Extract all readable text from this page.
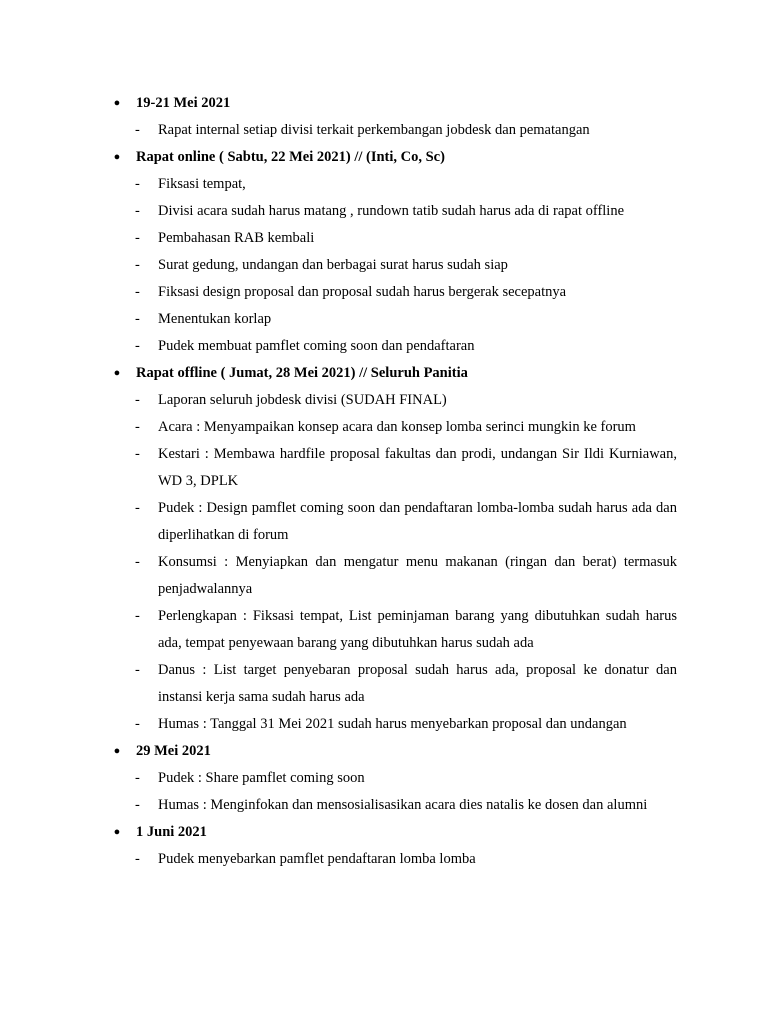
● 19-21 Mei 2021
- Rapat internal setiap divisi terkait perkembangan jobdesk dan pematangan
● Rapat online ( Sabtu, 22 Mei 2021) // (Inti, Co, Sc)
- Fiksasi tempat,
- Divisi acara sudah harus matang , rundown tatib sudah harus ada di rapat offline
- Pembahasan RAB kembali
- Surat gedung, undangan dan berbagai surat harus sudah siap
- Fiksasi design proposal dan proposal sudah harus bergerak secepatnya
- Menentukan korlap
- Pudek membuat pamflet coming soon dan pendaftaran
● Rapat offline ( Jumat, 28 Mei 2021) // Seluruh Panitia
- Laporan seluruh jobdesk divisi (SUDAH FINAL)
- Acara : Menyampaikan konsep acara dan konsep lomba serinci mungkin ke forum
- Kestari : Membawa hardfile proposal fakultas dan prodi, undangan Sir Ildi Kurniawan, WD 3, DPLK
- Pudek : Design pamflet coming soon dan pendaftaran lomba-lomba sudah harus ada dan diperlihatkan di forum
- Konsumsi : Menyiapkan dan mengatur menu makanan (ringan dan berat) termasuk penjadwalannya
- Perlengkapan : Fiksasi tempat, List peminjaman barang yang dibutuhkan sudah harus ada, tempat penyewaan barang yang dibutuhkan harus sudah ada
- Danus : List target penyebaran proposal sudah harus ada, proposal ke donatur dan instansi kerja sama sudah harus ada
- Humas : Tanggal 31 Mei 2021 sudah harus menyebarkan proposal dan undangan
● 29 Mei 2021
- Pudek : Share pamflet coming soon
- Humas : Menginfokan dan mensosialisasikan acara dies natalis ke dosen dan alumni
● 1 Juni 2021
- Pudek menyebarkan pamflet pendaftaran lomba lomba
